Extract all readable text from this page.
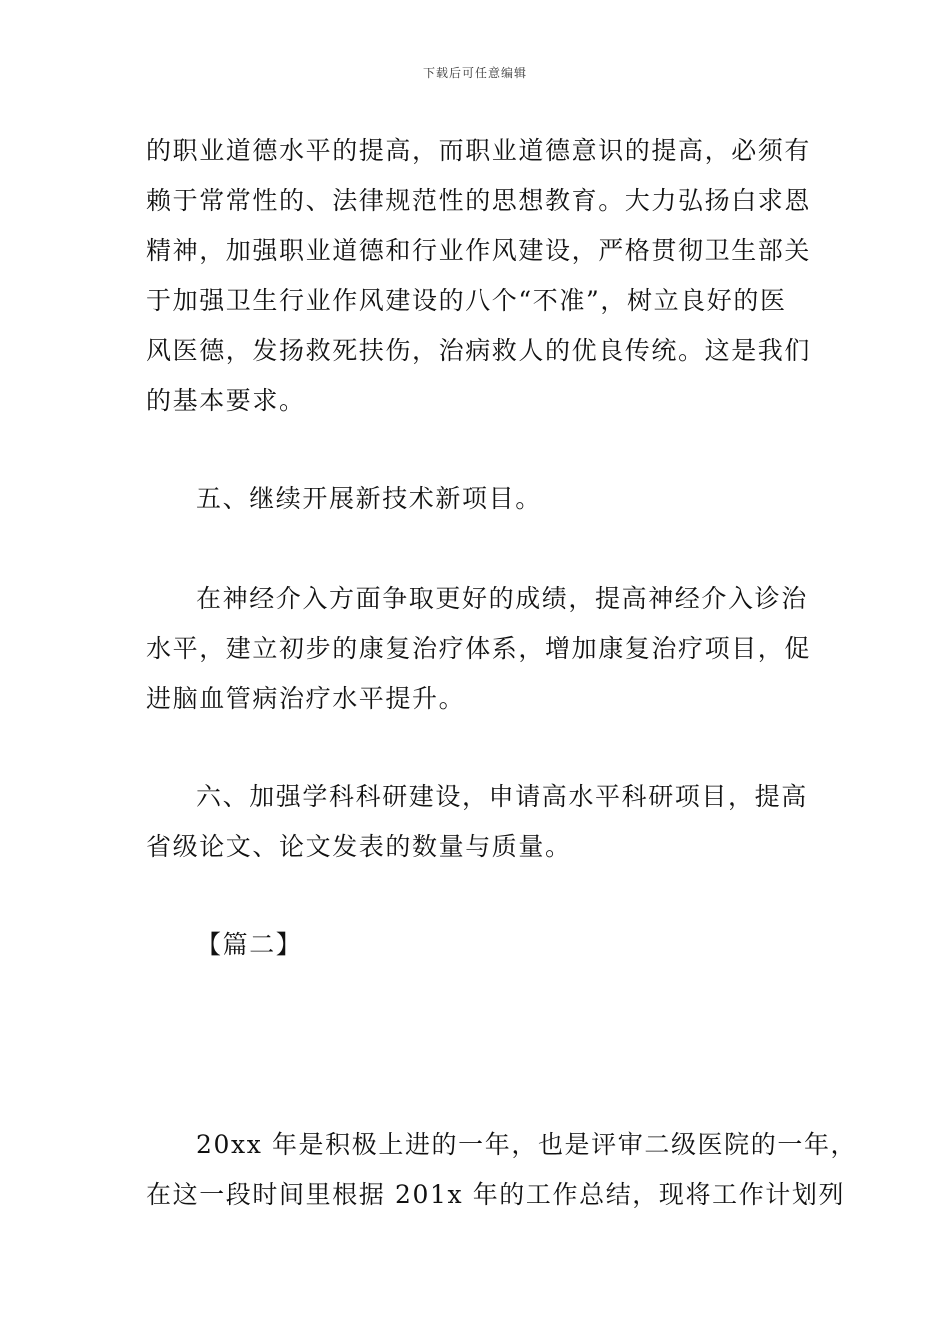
下载后可任意编辑
的职业道德水平的提高，而职业道德意识的提高，必须有
赖于常常性的、法律规范性的思想教育。大力弘扬白求恩
精神，加强职业道德和行业作风建设，严格贯彻卫生部关
于加强卫生行业作风建设的八个“不准”，树立良好的医
风医德，发扬救死扶伤，治病救人的优良传统。这是我们
的基本要求。
五、继续开展新技术新项目。
在神经介入方面争取更好的成绩，提高神经介入诊治
水平，建立初步的康复治疗体系，增加康复治疗项目，促
进脑血管病治疗水平提升。
六、加强学科科研建设，申请高水平科研项目，提高
省级论文、论文发表的数量与质量。
【篇二】
20xx 年是积极上进的一年，也是评审二级医院的一年，
在这一段时间里根据 201x 年的工作总结，现将工作计划列
